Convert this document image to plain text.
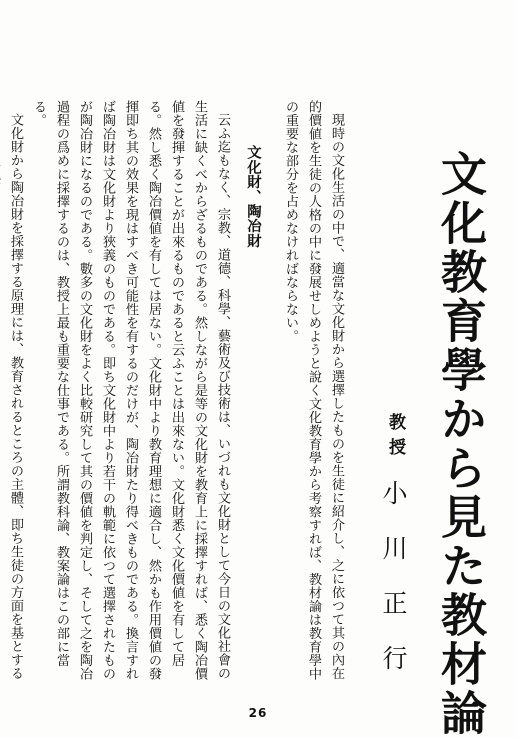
文化教育學から見た教材論
教授
小川正行

現時の文化生活の中で、適當な文化財から選擇したものを生徒に紹介し、之に依つて其の內在的價値を生徒の人格の中に發展せしめようと說く文化教育學から考察すれば、教材論は教育學中の重要な部分を占めなければならない。

文化財、陶冶財

云ふ迄もなく、宗教、道德、科學、藝術及び技術は、いづれも文化財として今日の文化社會の生活に缺くべからざるものである。然しながら是等の文化財を教育上に採擇すれば、悉く陶冶價値を發揮することが出來るものであると云ふことは出來ない。文化財悉く文化價値を有して居る。然し悉く陶冶價値を有しては居ない。文化財中より教育理想に適合し、然かも作用價値の發揮即ち其の效果を現はすべき可能性を有するのだけが、陶冶財たり得べきものである。換言すれば陶冶財は文化財より狹義のものである。即ち文化財中より若干の軌範に依つて選擇されたものが陶冶財になるのである。數多の文化財をよく比較研究して其の價値を判定し、そして之を陶冶過程の爲めに採擇するのは、教授上最も重要な仕事である。所謂教科論、教案論はこの部に當る。

文化財から陶冶財を採擇する原理には、教育されるところの主體、即ち生徒の方面を基とする

26
